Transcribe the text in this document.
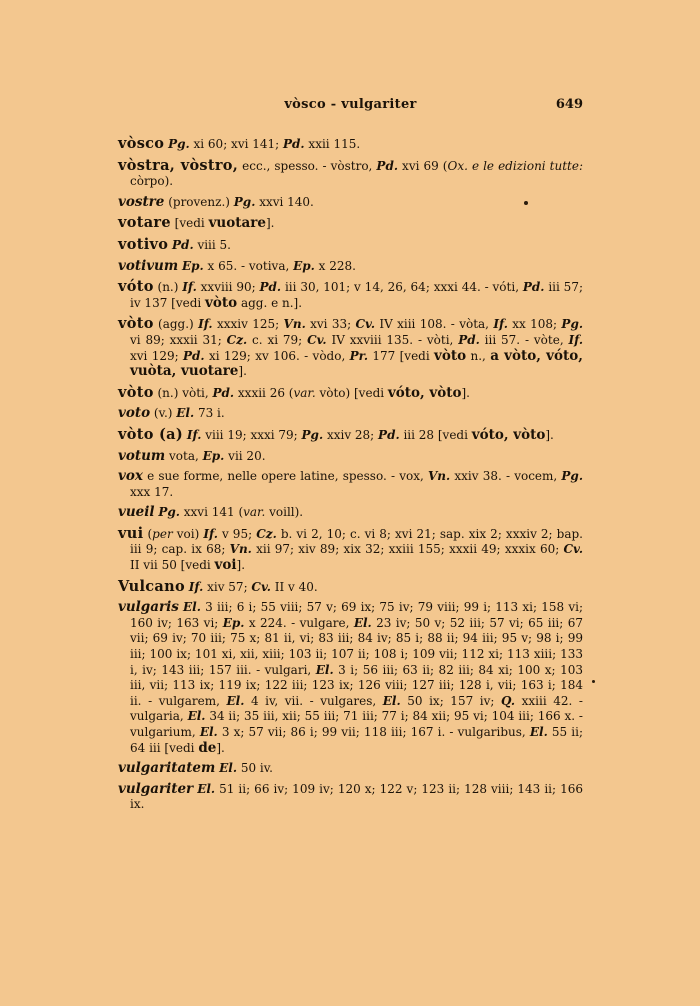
vòsco - vulgariter	649

vòsco Pg. xi 60; xvi 141; Pd. xxii 115.

vòstra, vòstro, ecc., spesso. - vòstro, Pd. xvi 69 (Ox. e le edizioni tutte: còrpo).

vostre (provenz.) Pg. xxvi 140.

votare [vedi vuotare].

votivo Pd. viii 5.

votivum Ep. x 65. - votiva, Ep. x 228.

vóto (n.) If. xxviii 90; Pd. iii 30, 101; v 14, 26, 64; xxxi 44. - vóti, Pd. iii 57; iv 137 [vedi vòto agg. e n.].

vòto (agg.) If. xxxiv 125; Vn. xvi 33; Cv. IV xiii 108. - vòta, If. xx 108; Pg. vi 89; xxxii 31; Cz. c. xi 79; Cv. IV xxviii 135. - vòti, Pd. iii 57. - vòte, If. xvi 129; Pd. xi 129; xv 106. - vòdo, Pr. 177 [vedi vòto n., a vòto, vóto, vuòta, vuotare].

vòto (n.) vòti, Pd. xxxii 26 (var. vòto) [vedi vóto, vòto].

voto (v.) El. 73 i.

vòto (a) If. viii 19; xxxi 79; Pg. xxiv 28; Pd. iii 28 [vedi vóto, vòto].

votum vota, Ep. vii 20.

vox e sue forme, nelle opere latine, spesso. - vox, Vn. xxiv 38. - vocem, Pg. xxx 17.

vueil Pg. xxvi 141 (var. voill).

vui (per voi) If. v 95; Cz. b. vi 2, 10; c. vi 8; xvi 21; sap. xix 2; xxxiv 2; bap. iii 9; cap. ix 68; Vn. xii 97; xiv 89; xix 32; xxiii 155; xxxii 49; xxxix 60; Cv. II vii 50 [vedi voi].

Vulcano If. xiv 57; Cv. II v 40.

vulgaris El. 3 iii; 6 i; 55 viii; 57 v; 69 ix; 75 iv; 79 viii; 99 i; 113 xi; 158 vi; 160 iv; 163 vi; Ep. x 224. - vulgare, El. 23 iv; 50 v; 52 iii; 57 vi; 65 iii; 67 vii; 69 iv; 70 iii; 75 x; 81 ii, vi; 83 iii; 84 iv; 85 i; 88 ii; 94 iii; 95 v; 98 i; 99 iii; 100 ix; 101 xi, xii, xiii; 103 ii; 107 ii; 108 i; 109 vii; 112 xi; 113 xiii; 133 i, iv; 143 iii; 157 iii. - vulgari, El. 3 i; 56 iii; 63 ii; 82 iii; 84 xi; 100 x; 103 iii, vii; 113 ix; 119 ix; 122 iii; 123 ix; 126 viii; 127 iii; 128 i, vii; 163 i; 184 ii. - vulgarem, El. 4 iv, vii. - vulgares, El. 50 ix; 157 iv; Q. xxiii 42. - vulgaria, El. 34 ii; 35 iii, xii; 55 iii; 71 iii; 77 i; 84 xii; 95 vi; 104 iii; 166 x. - vulgarium, El. 3 x; 57 vii; 86 i; 99 vii; 118 iii; 167 i. - vulgaribus, El. 55 ii; 64 iii [vedi de].

vulgaritatem El. 50 iv.

vulgariter El. 51 ii; 66 iv; 109 iv; 120 x; 122 v; 123 ii; 128 viii; 143 ii; 166 ix.
